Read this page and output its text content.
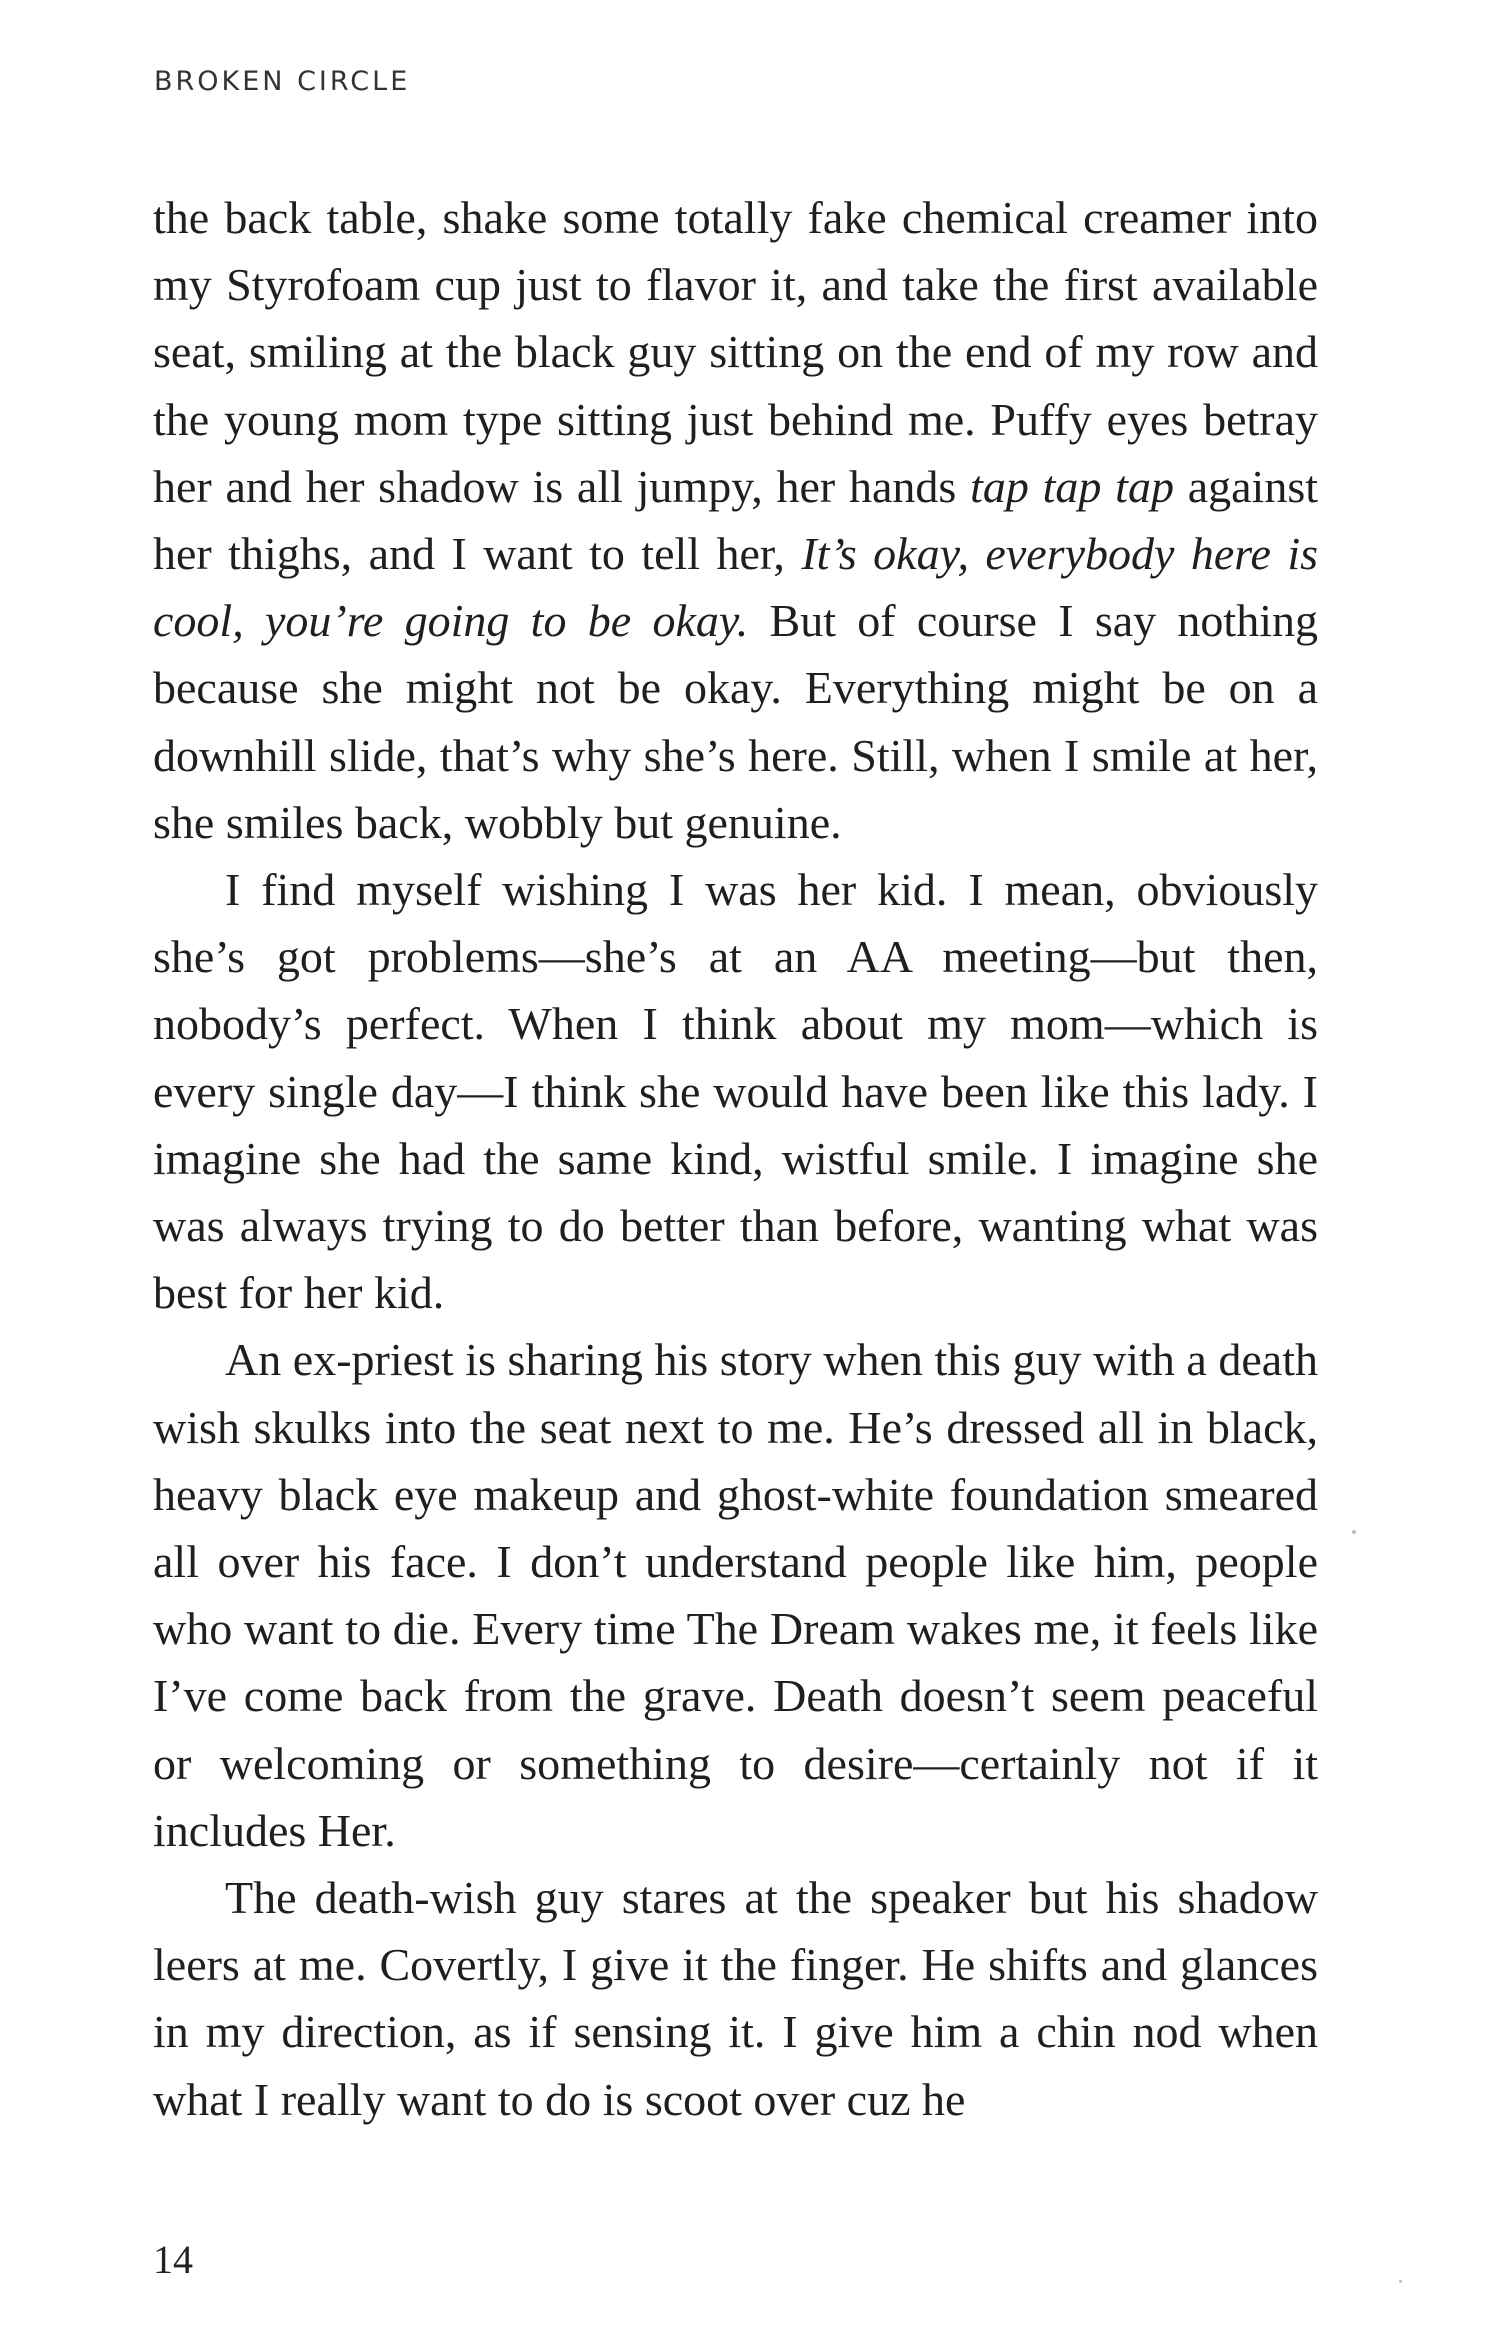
BROKEN CIRCLE

the back table, shake some totally fake chemical creamer into my Styrofoam cup just to flavor it, and take the first available seat, smiling at the black guy sitting on the end of my row and the young mom type sitting just behind me. Puffy eyes betray her and her shadow is all jumpy, her hands tap tap tap against her thighs, and I want to tell her, It’s okay, everybody here is cool, you’re going to be okay. But of course I say nothing because she might not be okay. Everything might be on a downhill slide, that’s why she’s here. Still, when I smile at her, she smiles back, wobbly but genuine.

I find myself wishing I was her kid. I mean, obviously she’s got problems—she’s at an AA meeting—but then, nobody’s perfect. When I think about my mom—which is every single day—I think she would have been like this lady. I imagine she had the same kind, wistful smile. I imagine she was always trying to do better than before, wanting what was best for her kid.

An ex-priest is sharing his story when this guy with a death wish skulks into the seat next to me. He’s dressed all in black, heavy black eye makeup and ghost-white foundation smeared all over his face. I don’t understand people like him, people who want to die. Every time The Dream wakes me, it feels like I’ve come back from the grave. Death doesn’t seem peaceful or welcoming or something to desire—certainly not if it includes Her.

The death-wish guy stares at the speaker but his shadow leers at me. Covertly, I give it the finger. He shifts and glances in my direction, as if sensing it. I give him a chin nod when what I really want to do is scoot over cuz he

14
